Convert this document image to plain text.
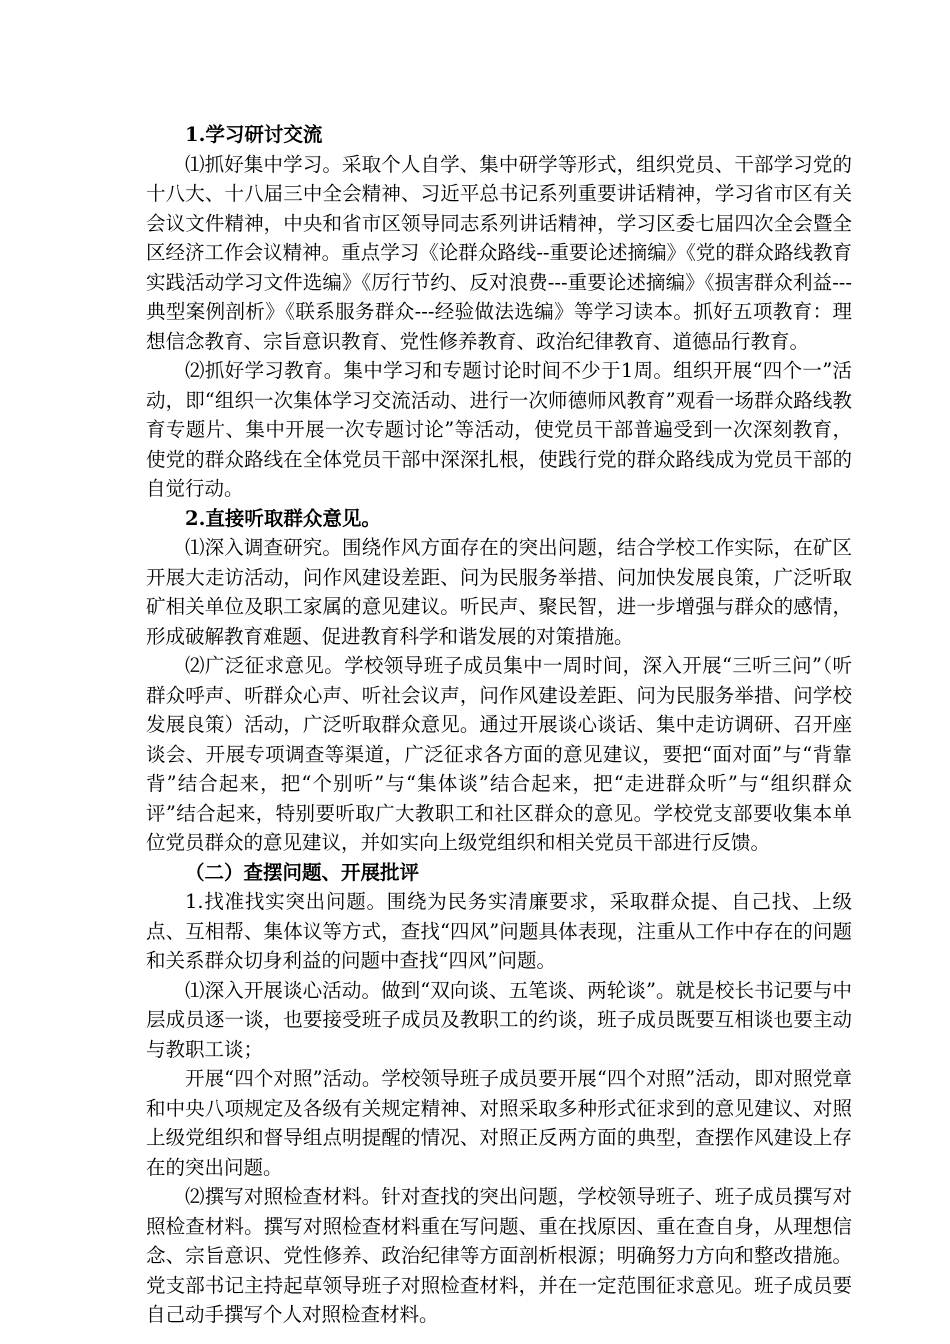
1.学习研讨交流

⑴抓好集中学习。采取个人自学、集中研学等形式，组织党员、干部学习党的十八大、十八届三中全会精神、习近平总书记系列重要讲话精神，学习省市区有关会议文件精神，中央和省市区领导同志系列讲话精神，学习区委七届四次全会暨全区经济工作会议精神。重点学习《论群众路线--重要论述摘编》《党的群众路线教育实践活动学习文件选编》《厉行节约、反对浪费---重要论述摘编》《损害群众利益---典型案例剖析》《联系服务群众---经验做法选编》等学习读本。抓好五项教育：理想信念教育、宗旨意识教育、党性修养教育、政治纪律教育、道德品行教育。

⑵抓好学习教育。集中学习和专题讨论时间不少于1周。组织开展“四个一”活动，即“组织一次集体学习交流活动、进行一次师德师风教育”观看一场群众路线教育专题片、集中开展一次专题讨论”等活动，使党员干部普遍受到一次深刻教育，使党的群众路线在全体党员干部中深深扎根，使践行党的群众路线成为党员干部的自觉行动。

2.直接听取群众意见。

⑴深入调查研究。围绕作风方面存在的突出问题，结合学校工作实际，在矿区开展大走访活动，问作风建设差距、问为民服务举措、问加快发展良策，广泛听取矿相关单位及职工家属的意见建议。听民声、聚民智，进一步增强与群众的感情，形成破解教育难题、促进教育科学和谐发展的对策措施。

⑵广泛征求意见。学校领导班子成员集中一周时间，深入开展“三听三问”（听群众呼声、听群众心声、听社会议声，问作风建设差距、问为民服务举措、问学校发展良策）活动，广泛听取群众意见。通过开展谈心谈话、集中走访调研、召开座谈会、开展专项调查等渠道，广泛征求各方面的意见建议，要把“面对面”与“背靠背”结合起来，把“个别听”与“集体谈”结合起来，把“走进群众听”与“组织群众评”结合起来，特别要听取广大教职工和社区群众的意见。学校党支部要收集本单位党员群众的意见建议，并如实向上级党组织和相关党员干部进行反馈。

（二）查摆问题、开展批评

1.找准找实突出问题。围绕为民务实清廉要求，采取群众提、自己找、上级点、互相帮、集体议等方式，查找“四风”问题具体表现，注重从工作中存在的问题和关系群众切身利益的问题中查找“四风”问题。

⑴深入开展谈心活动。做到“双向谈、五笔谈、两轮谈”。就是校长书记要与中层成员逐一谈，也要接受班子成员及教职工的约谈，班子成员既要互相谈也要主动与教职工谈；

开展“四个对照”活动。学校领导班子成员要开展“四个对照”活动，即对照党章和中央八项规定及各级有关规定精神、对照采取多种形式征求到的意见建议、对照上级党组织和督导组点明提醒的情况、对照正反两方面的典型，查摆作风建设上存在的突出问题。

⑵撰写对照检查材料。针对查找的突出问题，学校领导班子、班子成员撰写对照检查材料。撰写对照检查材料重在写问题、重在找原因、重在查自身，从理想信念、宗旨意识、党性修养、政治纪律等方面剖析根源；明确努力方向和整改措施。党支部书记主持起草领导班子对照检查材料，并在一定范围征求意见。班子成员要自己动手撰写个人对照检查材料。
